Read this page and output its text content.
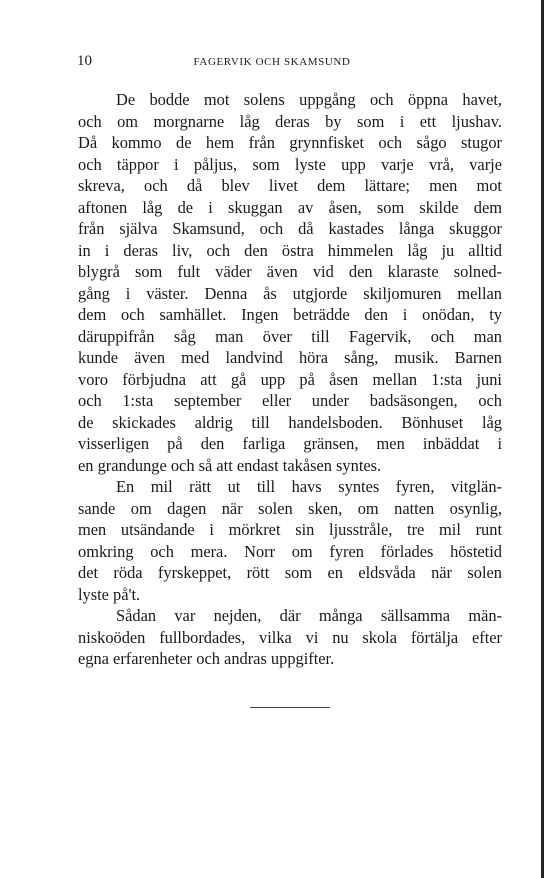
10	FAGERVIK OCH SKAMSUND

De bodde mot solens uppgång och öppna havet,
och om morgnarne låg deras by som i ett ljushav.
Då kommo de hem från grynnfisket och sågo stugor
och täppor i påljus, som lyste upp varje vrå, varje
skreva, och då blev livet dem lättare; men mot
aftonen låg de i skuggan av åsen, som skilde dem
från själva Skamsund, och då kastades långa skuggor
in i deras liv, och den östra himmelen låg ju alltid
blygrå som fult väder även vid den klaraste solned-
gång i väster. Denna ås utgjorde skiljomuren mellan
dem och samhället. Ingen beträdde den i onödan, ty
däruppifrån såg man över till Fagervik, och man
kunde även med landvind höra sång, musik. Barnen
voro förbjudna att gå upp på åsen mellan 1:sta juni
och 1:sta september eller under badsäsongen, och
de skickades aldrig till handelsboden. Bönhuset låg
visserligen på den farliga gränsen, men inbäddat i
en grandunge och så att endast takåsen syntes.

En mil rätt ut till havs syntes fyren, vitglän-
sande om dagen när solen sken, om natten osynlig,
men utsändande i mörkret sin ljusstråle, tre mil runt
omkring och mera. Norr om fyren förlades höstetid
det röda fyrskeppet, rött som en eldsvåda när solen
lyste på't.

Sådan var nejden, där många sällsamma män-
niskoöden fullbordades, vilka vi nu skola förtälja efter
egna erfarenheter och andras uppgifter.
